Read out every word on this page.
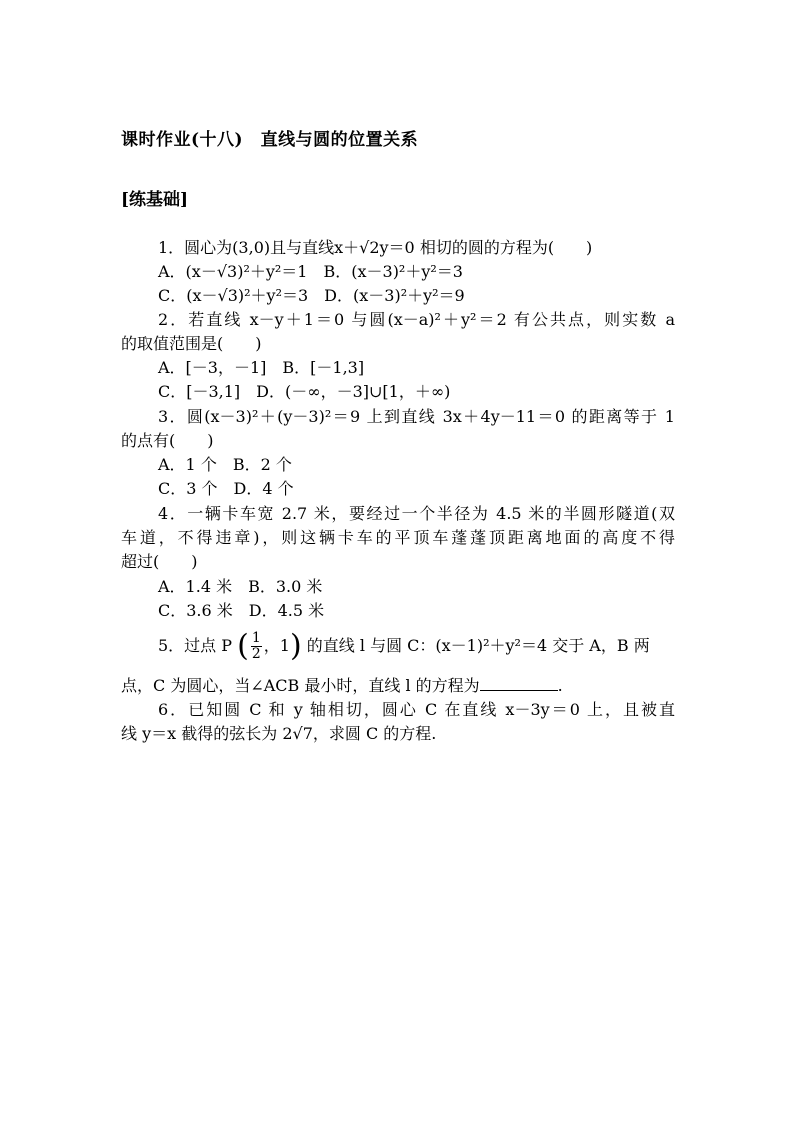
课时作业(十八)　直线与圆的位置关系
[练基础]
1．圆心为(3,0)且与直线x＋√2y＝0 相切的圆的方程为(　　)
A．(x－√3)²＋y²＝1　B．(x－3)²＋y²＝3
C．(x－√3)²＋y²＝3　D．(x－3)²＋y²＝9
2．若直线 x－y＋1＝0 与圆(x－a)²＋y²＝2 有公共点，则实数 a
的取值范围是(　　)
A．[－3，－1]　B．[－1,3]
C．[－3,1]　D．(－∞，－3]∪[1，＋∞)
3．圆(x－3)²＋(y－3)²＝9 上到直线 3x＋4y－11＝0 的距离等于 1
的点有(　　)
A．1 个　B．2 个
C．3 个　D．4 个
4．一辆卡车宽 2.7 米，要经过一个半径为 4.5 米的半圆形隧道(双
车道，不得违章)，则这辆卡车的平顶车蓬蓬顶距离地面的高度不得
超过(　　)
A．1.4 米　B．3.0 米
C．3.6 米　D．4.5 米
5．过点 P ( $\frac{1}{2}$ ，1) 的直线 l 与圆 C：(x－1)²＋y²＝4 交于 A，B 两
点，C 为圆心，当∠ACB 最小时，直线 l 的方程为	.
6．已知圆 C 和 y 轴相切，圆心 C 在直线 x－3y＝0 上，且被直
线 y＝x 截得的弦长为 2√7，求圆 C 的方程.
